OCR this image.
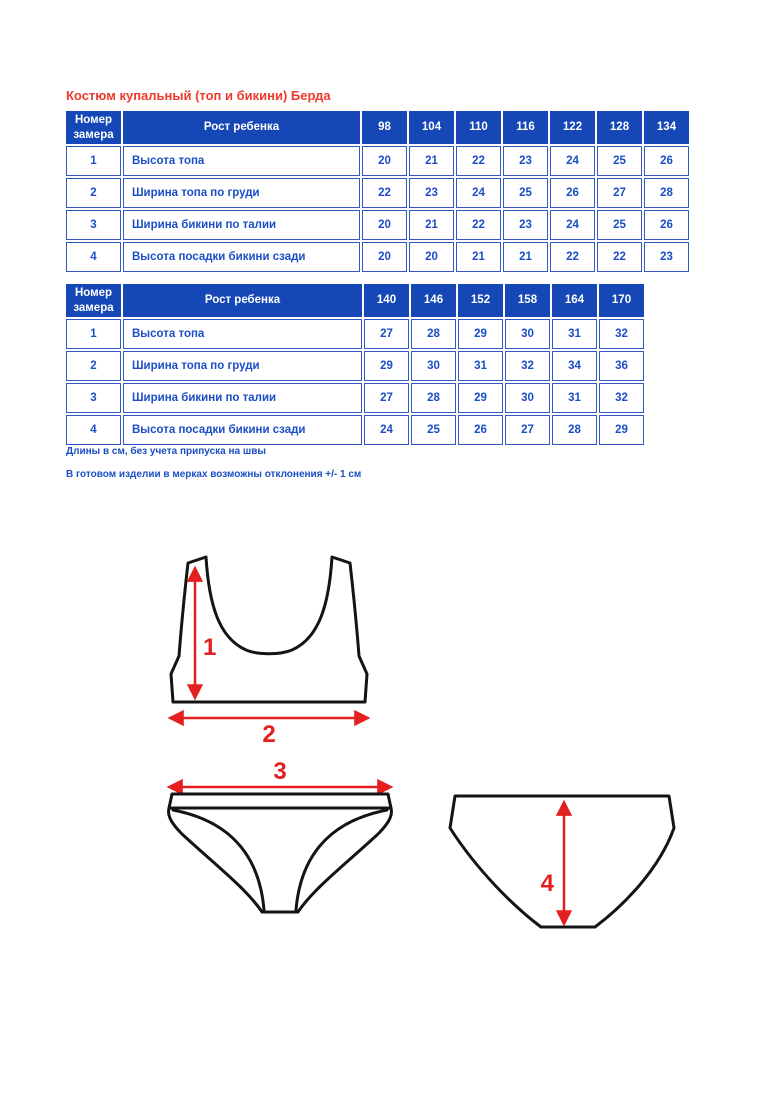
Костюм купальный (топ и бикини) Берда
Номер замера	Рост ребенка	98	104	110	116	122	128	134
1	Высота топа	20	21	22	23	24	25	26
2	Ширина топа по груди	22	23	24	25	26	27	28
3	Ширина бикини по талии	20	21	22	23	24	25	26
4	Высота посадки бикини сзади	20	20	21	21	22	22	23
Номер замера	Рост ребенка	140	146	152	158	164	170
1	Высота топа	27	28	29	30	31	32
2	Ширина топа по груди	29	30	31	32	34	36
3	Ширина бикини по талии	27	28	29	30	31	32
4	Высота посадки бикини сзади	24	25	26	27	28	29
Длины в см, без учета припуска на швы
В готовом изделии в мерках возможны отклонения +/- 1 см
1
2
3
4
